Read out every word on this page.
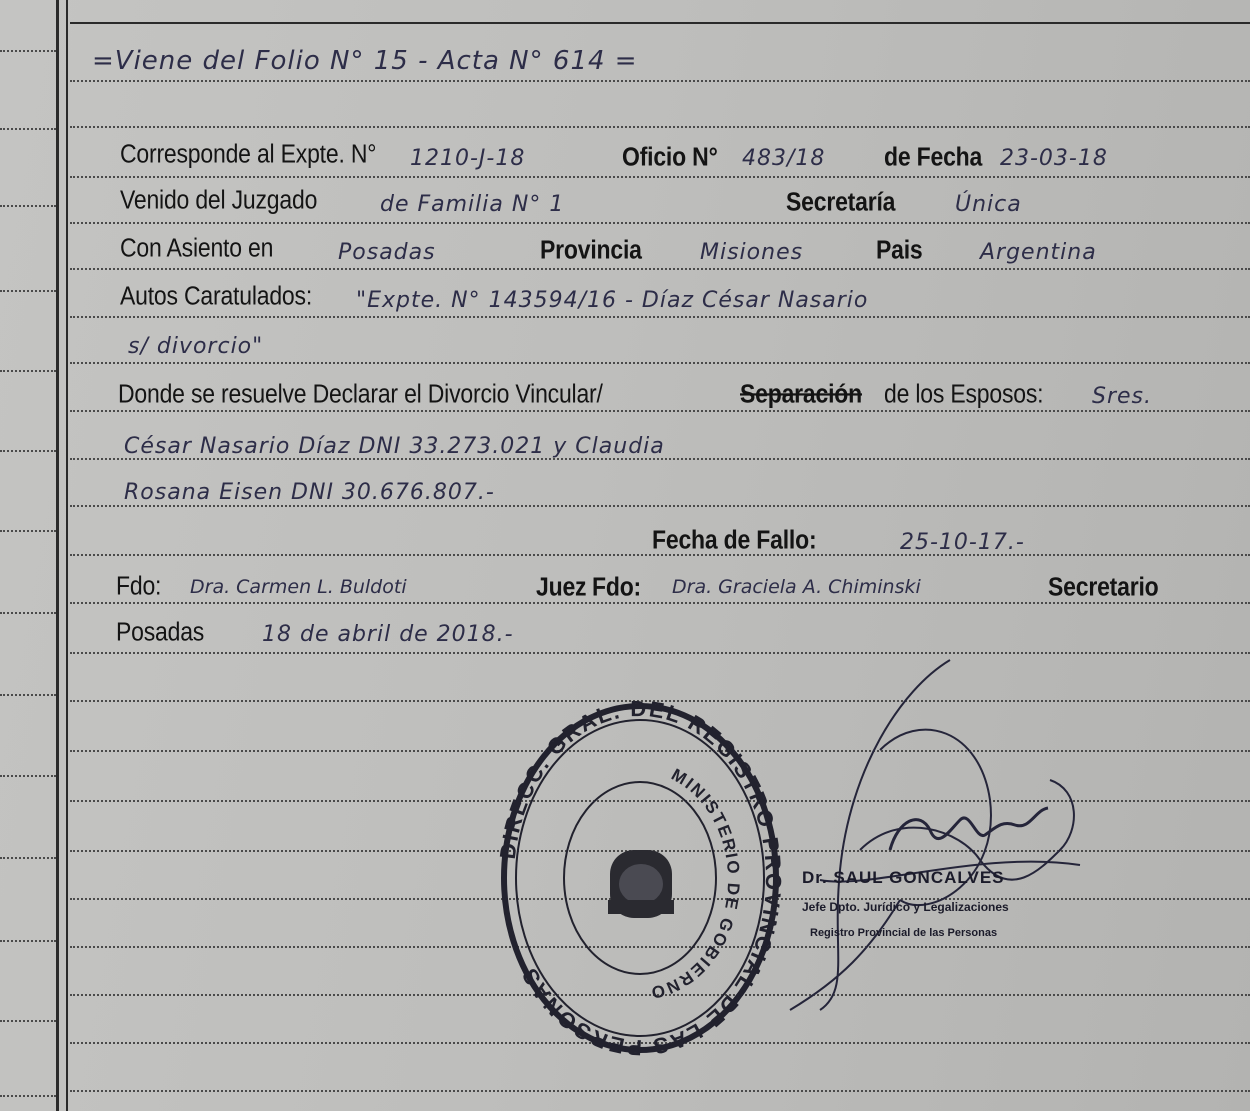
=Viene del Folio N° 15 - Acta N° 614 =
Corresponde al Expte. N° 1210-J-18	Oficio N° 483/18	de Fecha 23-03-18
Venido del Juzgado	de Familia N° 1	Secretaría	Única
Con Asiento en	Posadas	Provincia	Misiones	Pais	Argentina
Autos Caratulados: "Expte. N° 143594/16 - Díaz César Nasario
s/ divorcio"
Donde se resuelve Declarar el Divorcio Vincular/	Separación de los Esposos: Sres.
César Nasario Díaz DNI 33.273.021 y Claudia
Rosana Eisen DNI 30.676.807.-
Fecha de Fallo:	25-10-17.-
Fdo: Dra. Carmen L. Buldoti	Juez Fdo: Dra. Graciela A. Chiminski	Secretario
Posadas	18 de abril de 2018.-
DIRECC. GRAL. DEL REGISTRO PROVINCIAL DE LAS PERSONAS
MINISTERIO DE GOBIERNO
Dr. SAUL GONCALVES
Jefe Dpto. Jurídico y Legalizaciones
Registro Provincial de las Personas
